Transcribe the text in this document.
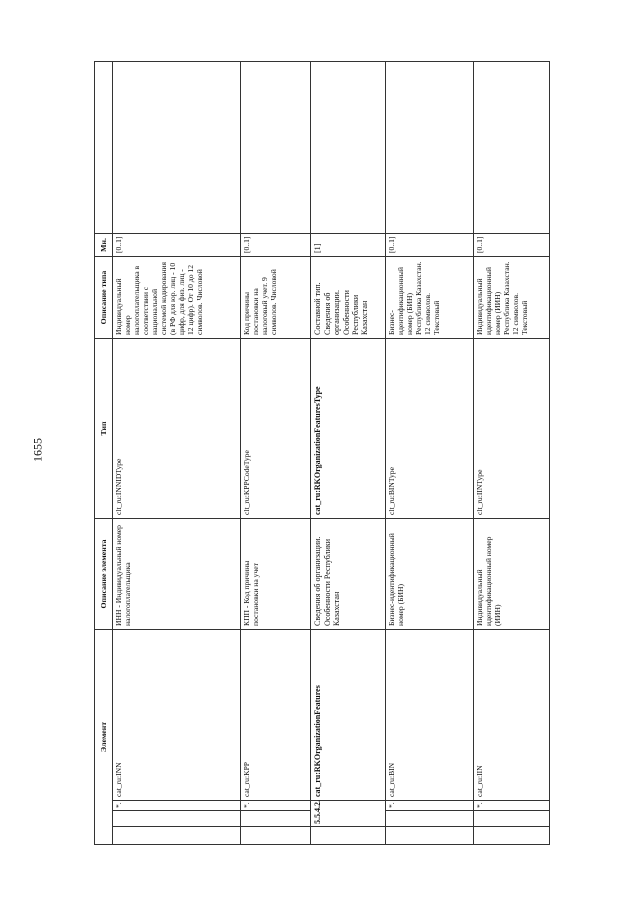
1655
Элемент				Описание элемента	Тип	Описание типа	Мн.	
		*.	cat_ru:INN	ИНН - Индивидуальный номер налогоплательщика	clt_ru:INNIDType	Индивидуальный номер налогоплательщика в соответствии с национальной системой кодирования (в РФ для юр. лиц - 10 цифр, для физ. лиц - 12 цифр). От 10 до 12 символов. Числовой	[0..1]	
		*.	cat_ru:KPP	КПП - Код причины постановки на учет	clt_ru:KPPCodeType	Код причины постановки на налоговый учет. 9 символов. Числовой	[0..1]	
	5.5.4.2.		cat_ru:RKOrganizationFeatures	Сведения об организации. Особенности Республики Казахстан	cat_ru:RKOrganizationFeaturesType	Составной тип. Сведения об организации. Особенности Республики Казахстан	[1]	
		*.	cat_ru:BIN	Бизнес-идентификационный номер (БИН)	clt_ru:BINType	Бизнес-идентификационный номер (БИН) Республика Казахстан. 12 символов. Текстовый	[0..1]	
		*.	cat_ru:IIN	Индивидуальный идентификационный номер (ИИН)	clt_ru:IINType	Индивидуальный идентификационный номер (ИИН) Республика Казахстан. 12 символов. Текстовый	[0..1]	
